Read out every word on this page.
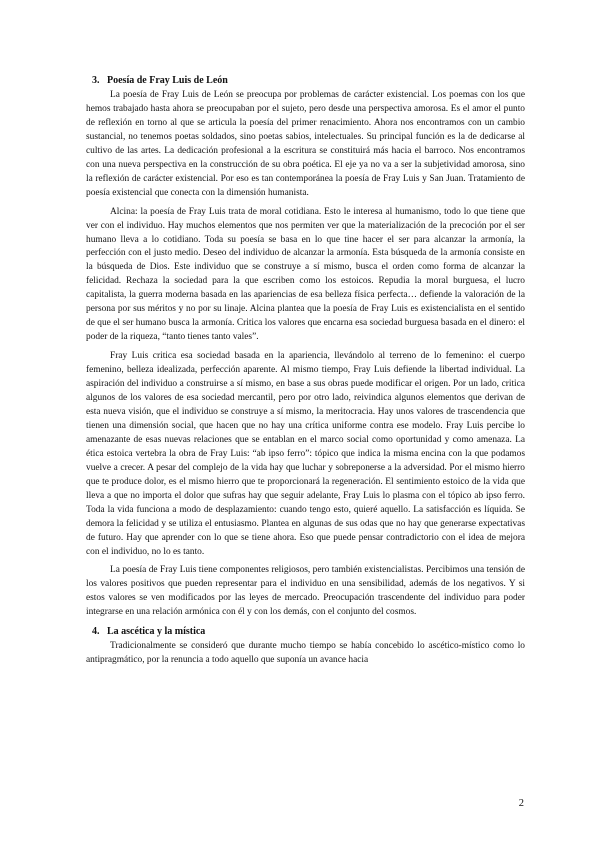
3. Poesía de Fray Luis de León

La poesía de Fray Luis de León se preocupa por problemas de carácter existencial. Los poemas con los que hemos trabajado hasta ahora se preocupaban por el sujeto, pero desde una perspectiva amorosa. Es el amor el punto de reflexión en torno al que se articula la poesía del primer renacimiento. Ahora nos encontramos con un cambio sustancial, no tenemos poetas soldados, sino poetas sabios, intelectuales. Su principal función es la de dedicarse al cultivo de las artes. La dedicación profesional a la escritura se constituirá más hacia el barroco. Nos encontramos con una nueva perspectiva en la construcción de su obra poética. El eje ya no va a ser la subjetividad amorosa, sino la reflexión de carácter existencial. Por eso es tan contemporánea la poesía de Fray Luis y San Juan. Tratamiento de poesía existencial que conecta con la dimensión humanista.

Alcina: la poesía de Fray Luis trata de moral cotidiana. Esto le interesa al humanismo, todo lo que tiene que ver con el individuo. Hay muchos elementos que nos permiten ver que la materialización de la precoción por el ser humano lleva a lo cotidiano. Toda su poesía se basa en lo que tine hacer el ser para alcanzar la armonía, la perfección con el justo medio. Deseo del individuo de alcanzar la armonía. Esta búsqueda de la armonía consiste en la búsqueda de Dios. Este individuo que se construye a sí mismo, busca el orden como forma de alcanzar la felicidad. Rechaza la sociedad para la que escriben como los estoicos. Repudia la moral burguesa, el lucro capitalista, la guerra moderna basada en las apariencias de esa belleza física perfecta… defiende la valoración de la persona por sus méritos y no por su linaje. Alcina plantea que la poesía de Fray Luis es existencialista en el sentido de que el ser humano busca la armonía. Critica los valores que encarna esa sociedad burguesa basada en el dinero: el poder de la riqueza, “tanto tienes tanto vales”.

Fray Luis critica esa sociedad basada en la apariencia, llevándolo al terreno de lo femenino: el cuerpo femenino, belleza idealizada, perfección aparente. Al mismo tiempo, Fray Luis defiende la libertad individual. La aspiración del individuo a construirse a sí mismo, en base a sus obras puede modificar el origen. Por un lado, critica algunos de los valores de esa sociedad mercantil, pero por otro lado, reivindica algunos elementos que derivan de esta nueva visión, que el individuo se construye a sí mismo, la meritocracia. Hay unos valores de trascendencia que tienen una dimensión social, que hacen que no hay una crítica uniforme contra ese modelo. Fray Luis percibe lo amenazante de esas nuevas relaciones que se entablan en el marco social como oportunidad y como amenaza. La ética estoica vertebra la obra de Fray Luis: “ab ipso ferro”: tópico que indica la misma encina con la que podamos vuelve a crecer. A pesar del complejo de la vida hay que luchar y sobreponerse a la adversidad. Por el mismo hierro que te produce dolor, es el mismo hierro que te proporcionará la regeneración. El sentimiento estoico de la vida que lleva a que no importa el dolor que sufras hay que seguir adelante, Fray Luis lo plasma con el tópico ab ipso ferro. Toda la vida funciona a modo de desplazamiento: cuando tengo esto, quieré aquello. La satisfacción es líquida. Se demora la felicidad y se utiliza el entusiasmo. Plantea en algunas de sus odas que no hay que generarse expectativas de futuro. Hay que aprender con lo que se tiene ahora. Eso que puede pensar contradictorio con el idea de mejora con el individuo, no lo es tanto.

La poesía de Fray Luis tiene componentes religiosos, pero también existencialistas. Percibimos una tensión de los valores positivos que pueden representar para el individuo en una sensibilidad, además de los negativos. Y si estos valores se ven modificados por las leyes de mercado. Preocupación trascendente del individuo para poder integrarse en una relación armónica con él y con los demás, con el conjunto del cosmos.

4. La ascética y la mística

Tradicionalmente se consideró que durante mucho tiempo se había concebido lo ascético-místico como lo antipragmático, por la renuncia a todo aquello que suponía un avance hacia

2
